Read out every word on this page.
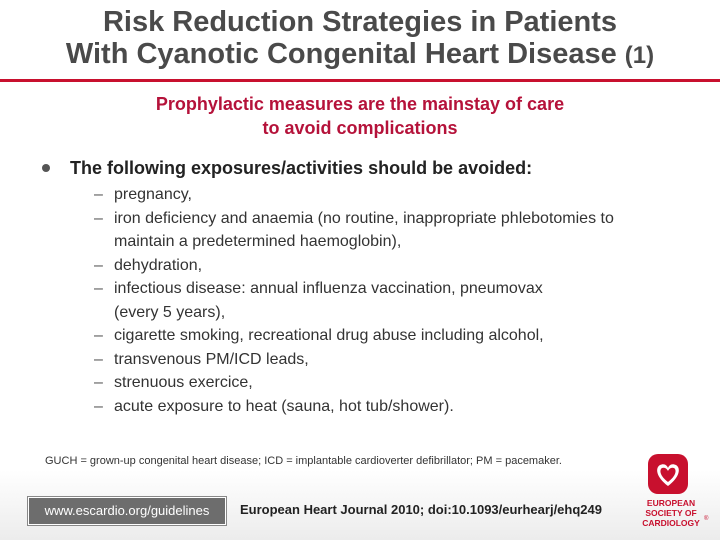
Risk Reduction Strategies in Patients
With Cyanotic Congenital Heart Disease (1)
Prophylactic measures are the mainstay of care
to avoid complications
The following exposures/activities should be avoided:
– pregnancy,
– iron deficiency and anaemia (no routine, inappropriate phlebotomies to
maintain a predetermined haemoglobin),
– dehydration,
– infectious disease: annual influenza vaccination, pneumovax
(every 5 years),
– cigarette smoking, recreational drug abuse including alcohol,
– transvenous PM/ICD leads,
– strenuous exercice,
– acute exposure to heat (sauna, hot tub/shower).
GUCH = grown-up congenital heart disease; ICD = implantable cardioverter defibrillator; PM = pacemaker.
www.escardio.org/guidelines	European Heart Journal 2010; doi:10.1093/eurhearj/ehq249	EUROPEAN
SOCIETY OF
CARDIOLOGY ®
